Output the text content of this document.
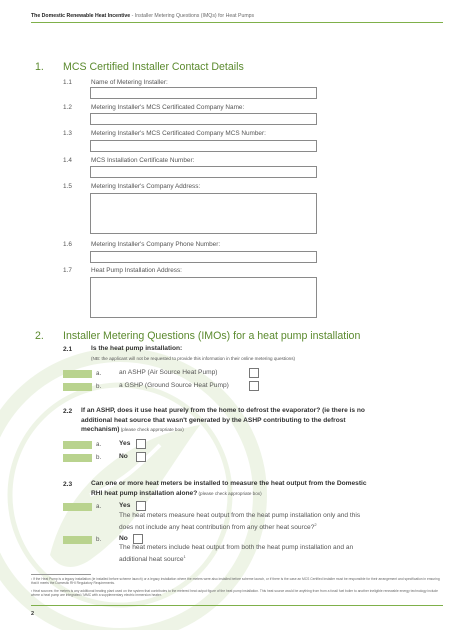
The Domestic Renewable Heat Incentive - Installer Metering Questions (IMQs) for Heat Pumps
1. MCS Certified Installer Contact Details
1.1	Name of Metering Installer:
1.2	Metering Installer's MCS Certificated Company Name:
1.3	Metering Installer's MCS Certificated Company MCS Number:
1.4	MCS Installation Certificate Number:
1.5	Metering Installer's Company Address:
1.6	Metering Installer's Company Phone Number:
1.7	Heat Pump Installation Address:
2. Installer Metering Questions (IMOs) for a heat pump installation
2.1	Is the heat pump installation:
(NB: the applicant will not be requested to provide this information in their online metering questions)
a.	an ASHP (Air Source Heat Pump)
b.	a GSHP (Ground Source Heat Pump)
2.2 If an ASHP, does it use heat purely from the home to defrost the evaporator? (ie there is no
additional heat source that wasn't generated by the ASHP contributing to the defrost
mechanism) (please check appropriate box)
a.	Yes
b.	No
2.3	Can one or more heat meters be installed to measure the heat output from the Domestic
RHI heat pump installation alone? (please check appropriate box)
a.	Yes
The heat meters measure heat output from the heat pump installation only and this
does not include any heat contribution from any other heat source?$^2$
b.	No
The heat meters include heat output from both the heat pump installation and an
additional heat source$^1$
¹ If the Heat Pump is a legacy installation (ie installed before scheme launch) or a legacy installation where the meters were also installed before scheme launch, or if there is the case an MCS Certified Installer must be responsible for their arrangement and specification in ensuring that it meets the Domestic RHI Regulatory Requirements.
² Heat sources: the meters is any additional heating plant used on the system that contributes to the metered heat output figure of the heat pump installation. This heat source would be anything from from a fossil fuel boiler to another ineligible renewable energy technology include where a heat pump are integrated / MMC with a supplementary electric immersion heater.
2
